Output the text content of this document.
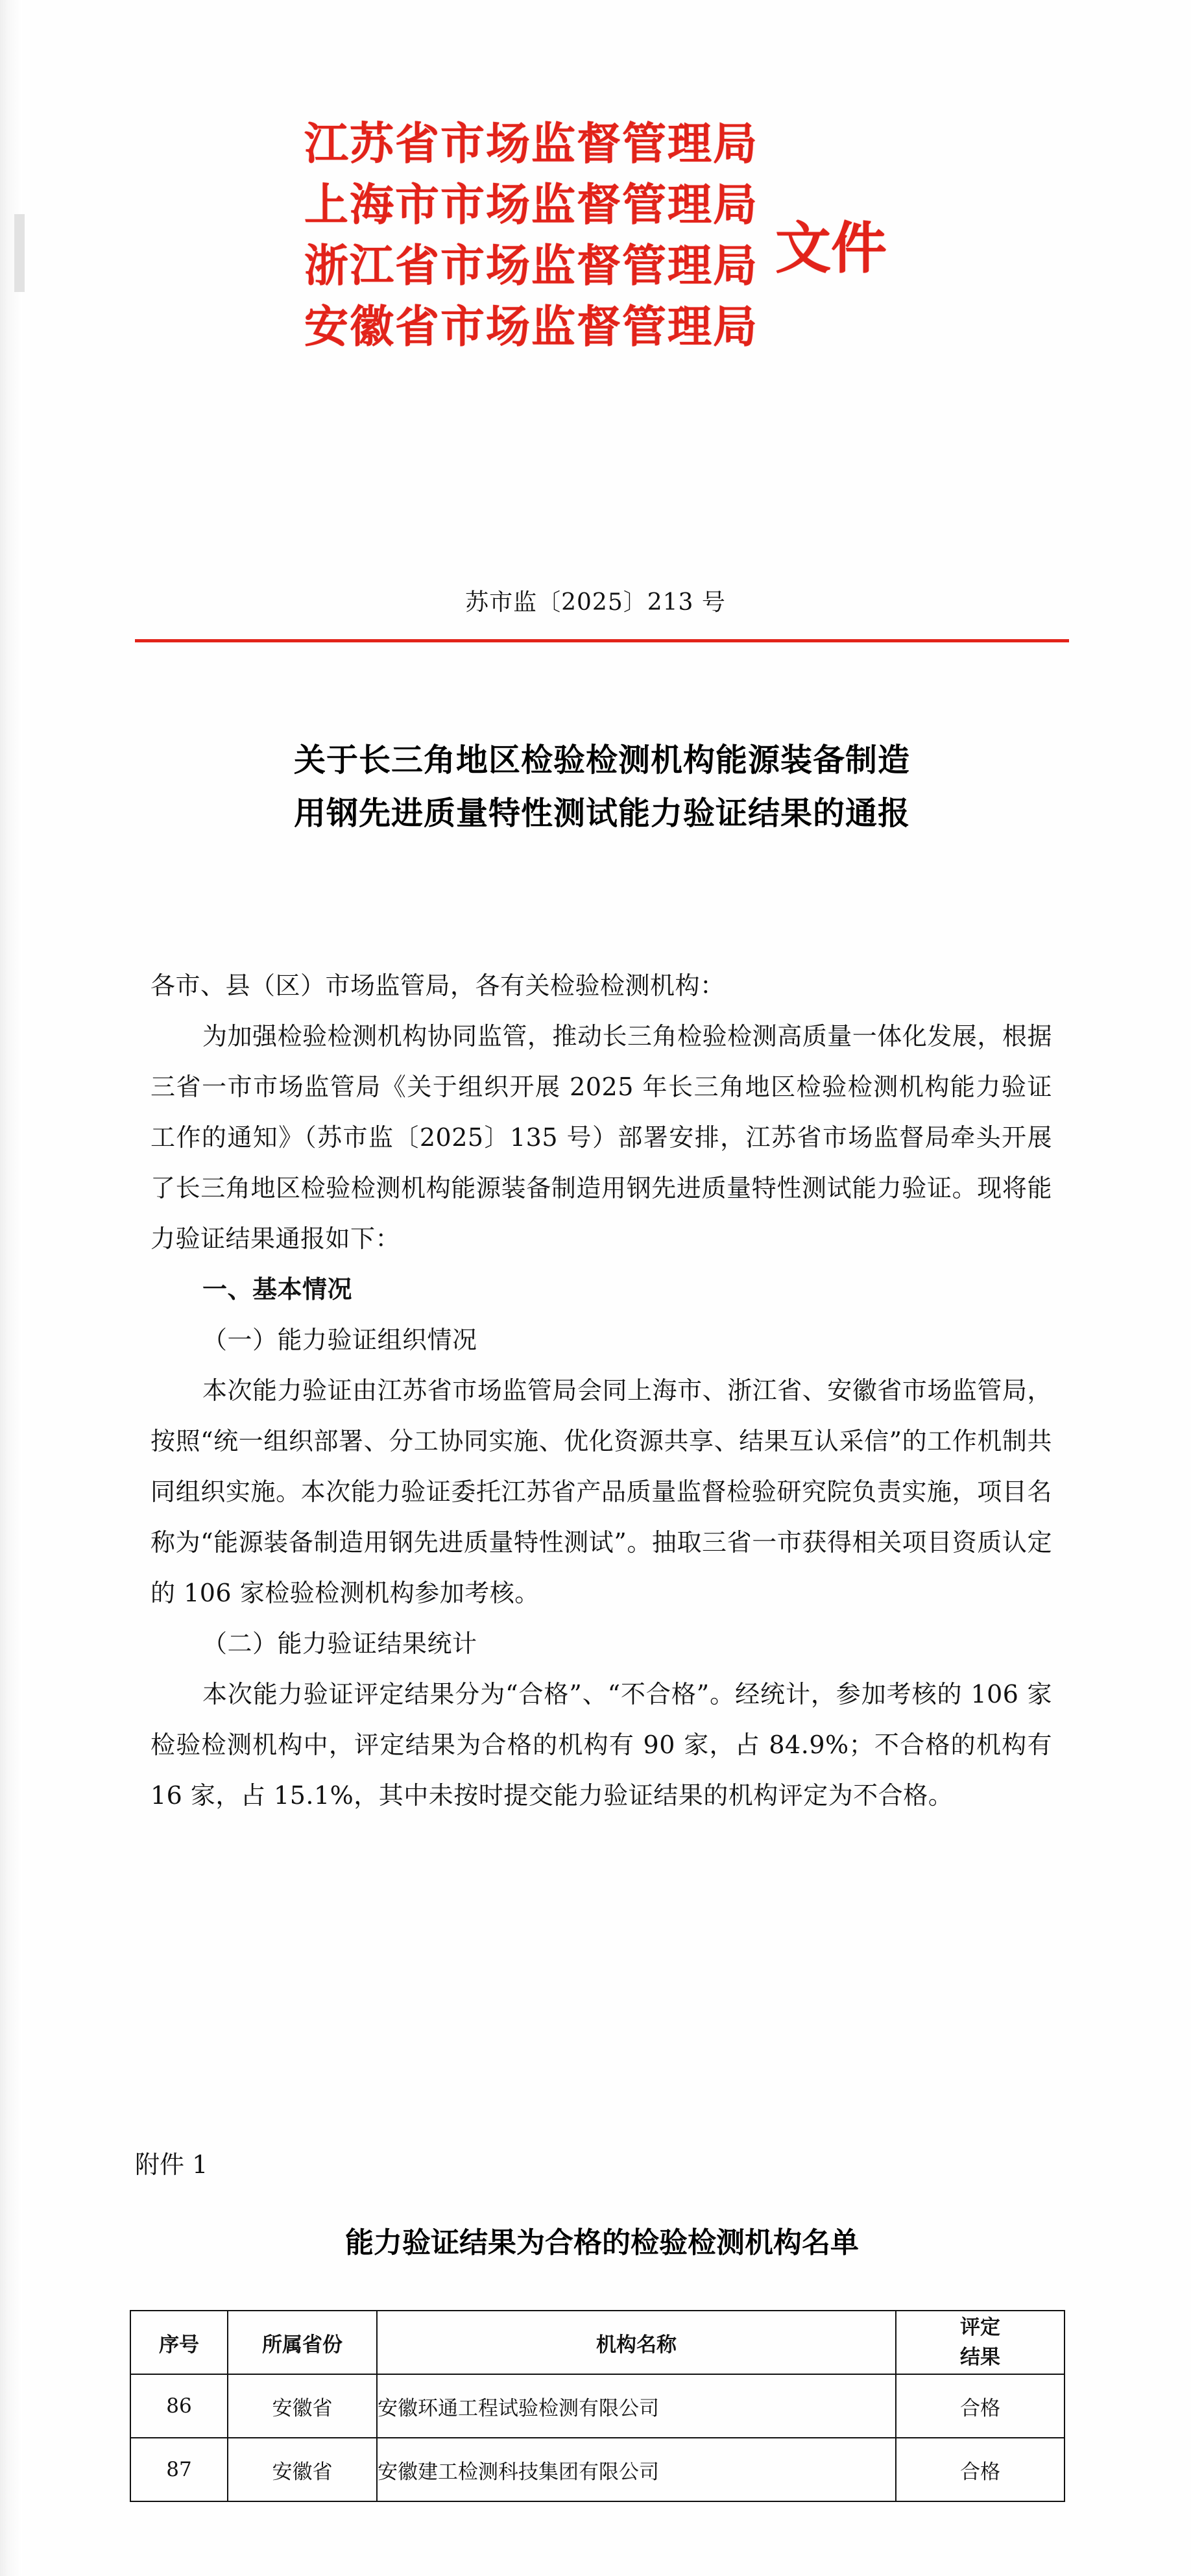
江苏省市场监督管理局
上海市市场监督管理局
浙江省市场监督管理局
安徽省市场监督管理局
文件
苏市监〔2025〕213 号
关于长三角地区检验检测机构能源装备制造
用钢先进质量特性测试能力验证结果的通报
各市、县（区）市场监管局，各有关检验检测机构：
为加强检验检测机构协同监管，推动长三角检验检测高质量一体化发展，根据三省一市市场监管局《关于组织开展 2025 年长三角地区检验检测机构能力验证工作的通知》（苏市监〔2025〕135 号）部署安排，江苏省市场监督局牵头开展了长三角地区检验检测机构能源装备制造用钢先进质量特性测试能力验证。现将能力验证结果通报如下：
一、基本情况
（一）能力验证组织情况
本次能力验证由江苏省市场监管局会同上海市、浙江省、安徽省市场监管局，按照“统一组织部署、分工协同实施、优化资源共享、结果互认采信”的工作机制共同组织实施。本次能力验证委托江苏省产品质量监督检验研究院负责实施，项目名称为“能源装备制造用钢先进质量特性测试”。抽取三省一市获得相关项目资质认定的 106 家检验检测机构参加考核。
（二）能力验证结果统计
本次能力验证评定结果分为“合格”、“不合格”。经统计，参加考核的 106 家检验检测机构中，评定结果为合格的机构有 90 家，占 84.9%；不合格的机构有 16 家，占 15.1%，其中未按时提交能力验证结果的机构评定为不合格。
附件 1
能力验证结果为合格的检验检测机构名单
序号	所属省份	机构名称	评定
结果

86	安徽省	安徽环通工程试验检测有限公司	合格
87	安徽省	安徽建工检测科技集团有限公司	合格
